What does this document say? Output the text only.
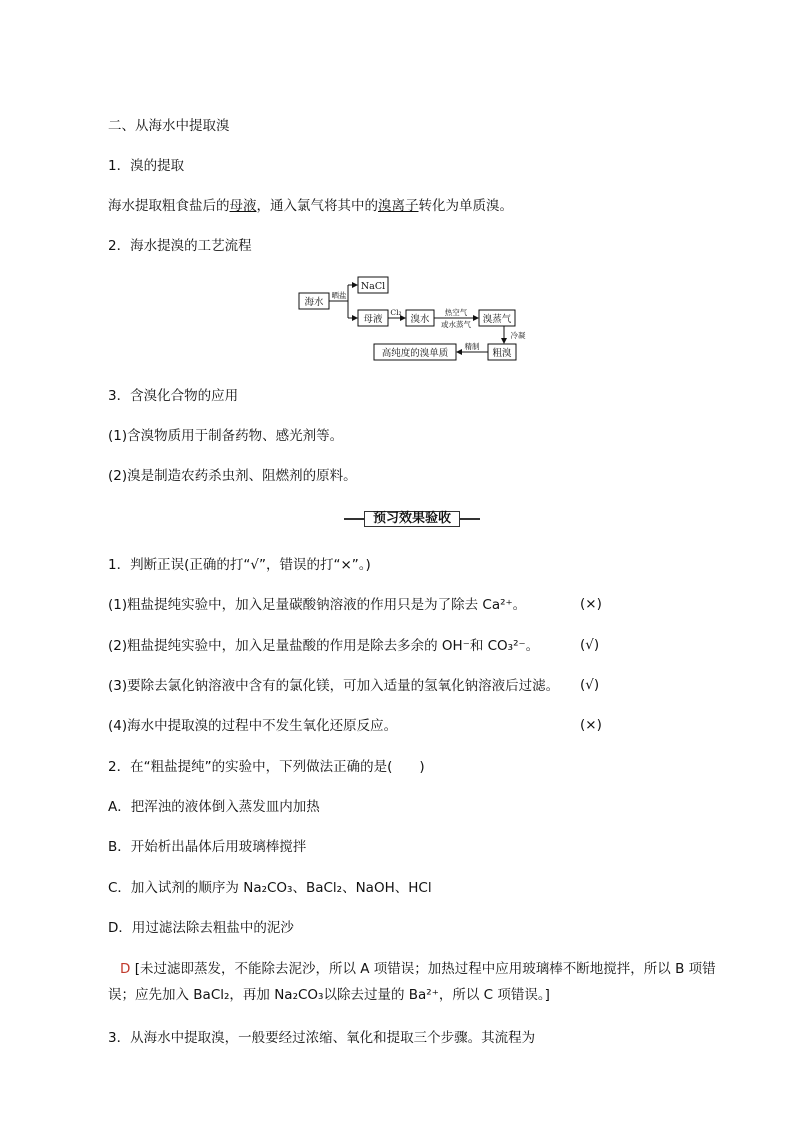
二、从海水中提取溴
1．溴的提取
海水提取粗食盐后的母液，通入氯气将其中的溴离子转化为单质溴。
2．海水提溴的工艺流程
海水
NaCl
母液	溴水	溴蒸气
粗溴
高纯度的溴单质
晒盐
Cl₂	热空气
或水蒸气
冷凝
精制
3．含溴化合物的应用
(1)含溴物质用于制备药物、感光剂等。
(2)溴是制造农药杀虫剂、阻燃剂的原料。
预习效果验收
1．判断正误(正确的打“√”，错误的打“×”。)
(1)粗盐提纯实验中，加入足量碳酸钠溶液的作用只是为了除去 Ca²⁺。	(×)
(2)粗盐提纯实验中，加入足量盐酸的作用是除去多余的 OH⁻和 CO₃²⁻。	(√)
(3)要除去氯化钠溶液中含有的氯化镁，可加入适量的氢氧化钠溶液后过滤。 (√)
(4)海水中提取溴的过程中不发生氧化还原反应。	(×)
2．在“粗盐提纯”的实验中，下列做法正确的是(　　)
A．把浑浊的液体倒入蒸发皿内加热
B．开始析出晶体后用玻璃棒搅拌
C．加入试剂的顺序为 Na₂CO₃、BaCl₂、NaOH、HCl
D．用过滤法除去粗盐中的泥沙
D [未过滤即蒸发，不能除去泥沙，所以 A 项错误；加热过程中应用玻璃棒不断地搅拌，所以 B 项错
误；应先加入 BaCl₂，再加 Na₂CO₃以除去过量的 Ba²⁺，所以 C 项错误。]
3．从海水中提取溴，一般要经过浓缩、氧化和提取三个步骤。其流程为
